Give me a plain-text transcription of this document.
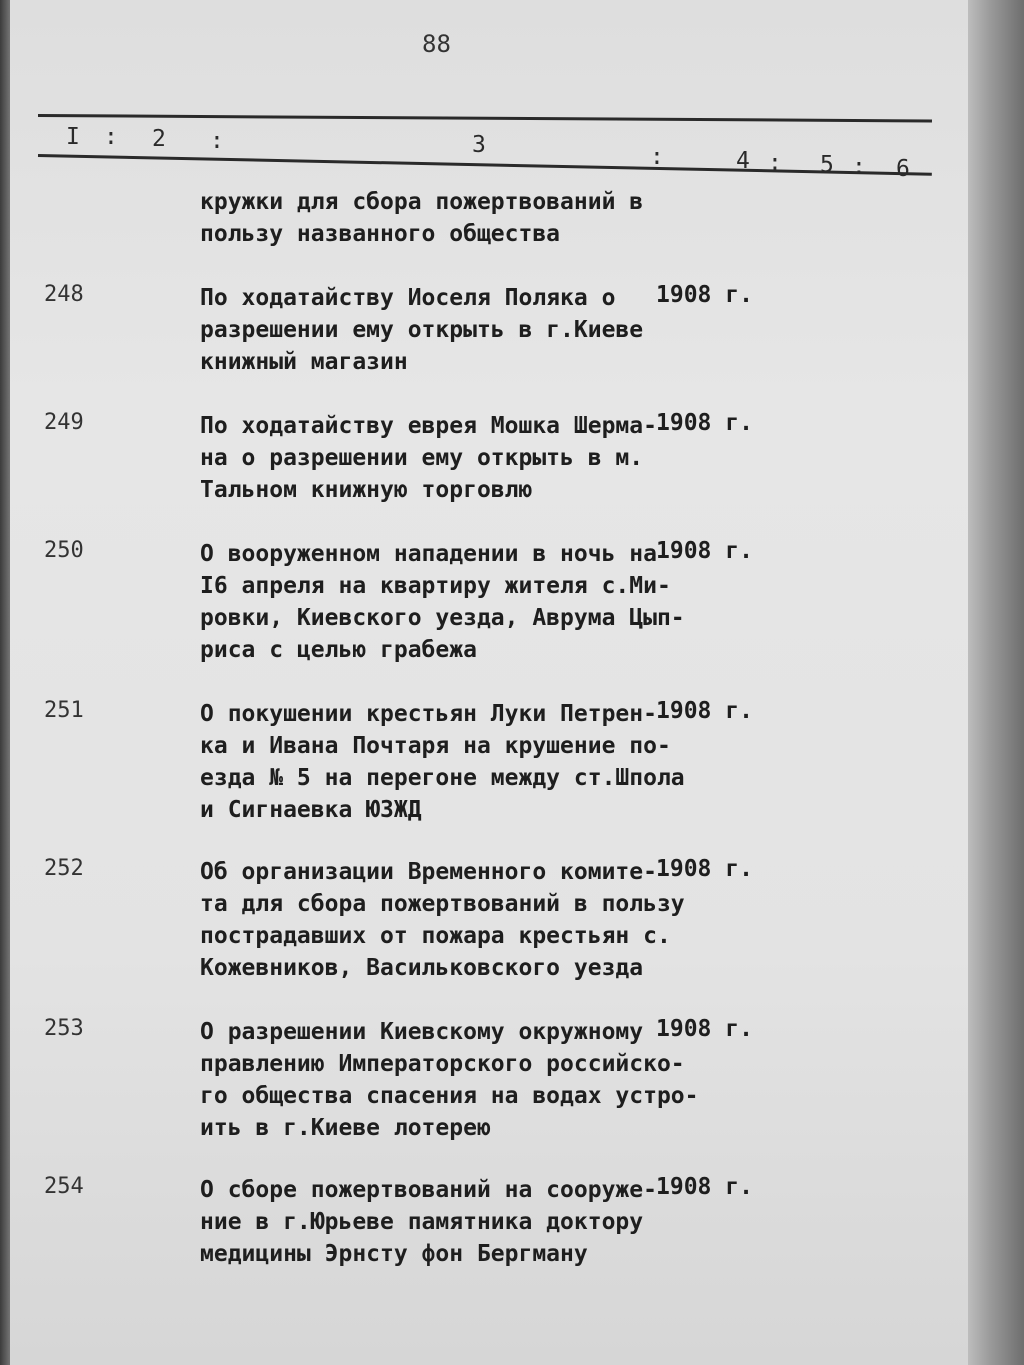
88
I : 2 :	3	:	4 : 5 : 6
кружки для сбора пожертвований в
пользу названного общества
248	По ходатайству Иоселя Поляка о
разрешении ему открыть в г.Киеве
книжный магазин
1908 г.
249	По ходатайству еврея Мошка Шерма-
на о разрешении ему открыть в м.
Тальном книжную торговлю
1908 г.
250	О вооруженном нападении в ночь на
I6 апреля на квартиру жителя с.Ми-
ровки, Киевского уезда, Аврума Цып-
риса с целью грабежа
1908 г.
251	О покушении крестьян Луки Петрен-
ка и Ивана Почтаря на крушение по-
езда № 5 на перегоне между ст.Шпола
и Сигнаевка ЮЗЖД
1908 г.
252	Об организации Временного комите-
та для сбора пожертвований в пользу
пострадавших от пожара крестьян с.
Кожевников, Васильковского уезда
1908 г.
253	О разрешении Киевскому окружному
правлению Императорского российско-
го общества спасения на водах устро-
ить в г.Киеве лотерею
1908 г.
254	О сборе пожертвований на сооруже-
ние в г.Юрьеве памятника доктору
медицины Эрнсту фон Бергману
1908 г.
